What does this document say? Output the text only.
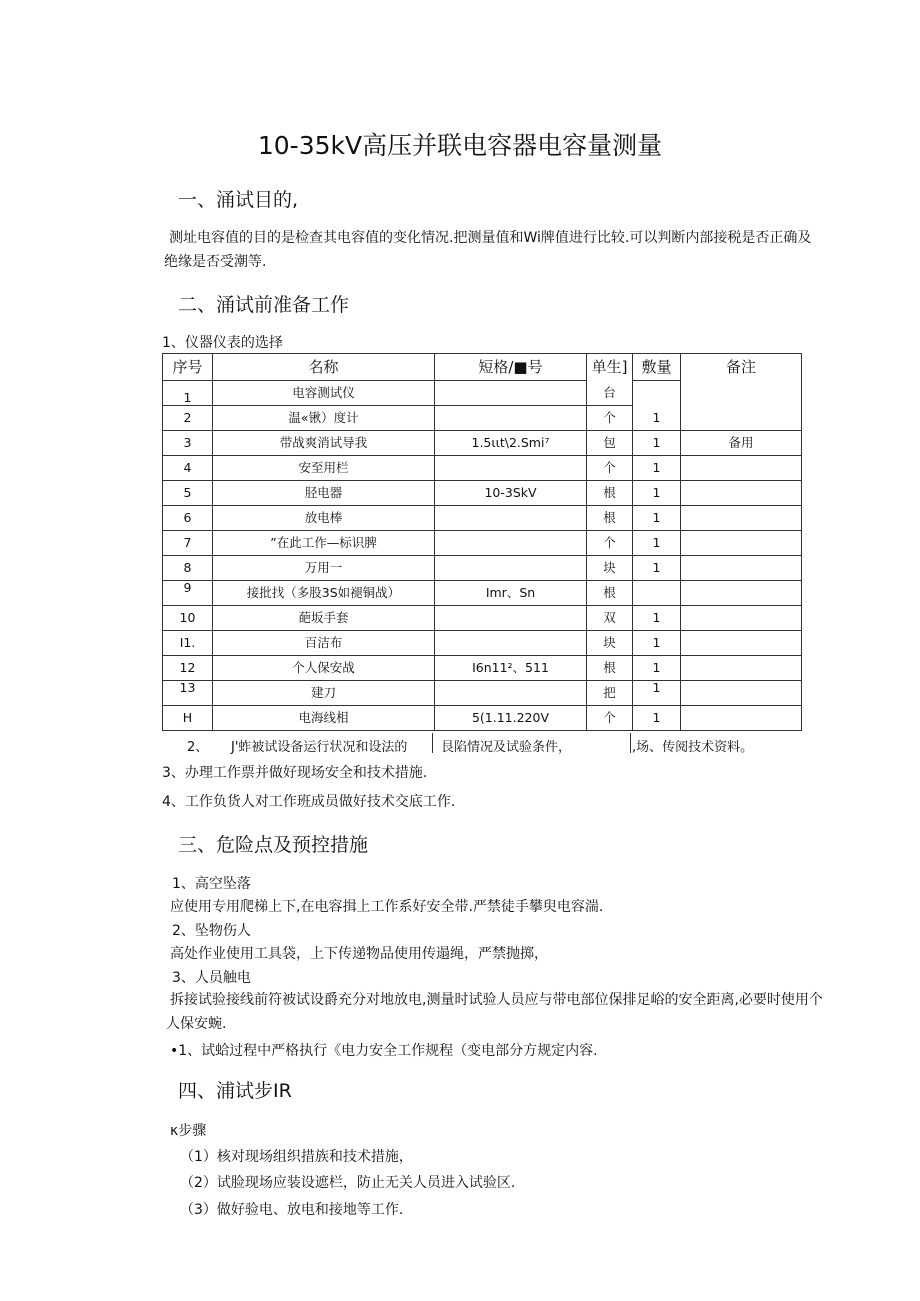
10-35kV高压并联电容器电容量测量
一、涌试目的,
测址电容值的目的是检查其电容值的变化情况.把测量值和Wi牌值进行比较.可以判断内部接税是否正确及绝缘是否受潮等.
二、涌试前准备工作
1、仪器仪表的选择
序号	名称	短格/■号	单生]	敷量	备注
1	电容测试仪		台		
2	温«锹）度计		个	1	
3	带战爽消试导我	1.5ιιt\2.Smi⁷	包	1	备用
4	安至用栏		个	1	
5	胫电器	10-3SkV	根	1	
6	放电棒		根	1	
7	”在此工作—标识脾		个	1	
8	万用一		块	1	
9	接批找（多股3S如褪铜战）	Imr、Sn	根		
10	葩坂手套		双	1	
I1.	百洁布		块	1	
12	个人保安战	I6n11²、511	根	1	
13	建刀		把	1	
H	电海线相	5(1.11.220V	个	1	
2、 J'蚱被试设备运行状况和设法的	艮陷情况及试验条件，	,场、传阅技术资料。
3、办理工作票并做好现场安全和技术措施.
4、工作负货人对工作班成员做好技术交底工作.
三、危险点及预控措施
1、高空坠落
应使用专用爬梯上下,在电容揖上工作系好安全带.严禁徒手攀臾电容湍.
2、坠物伤人
高处作业使用工具袋，上下传递物品使用传遢绳，严禁抛掷，
3、人员触电
拆接试验接线前符被试设爵充分对地放电,测量时试验人员应与带电部位保排足峪的安全距离,必要时使用个人保安蜿.
•1、试蛤过程中严格执行《电力安全工作规程（变电部分方规定内容.
四、浦试步IR
κ步骤
（1）核对现场组织措族和技术措施，
（2）试脸现场应装设遮栏，防止无关人员进入试验区.
（3）做好验电、放电和接地等工作.
